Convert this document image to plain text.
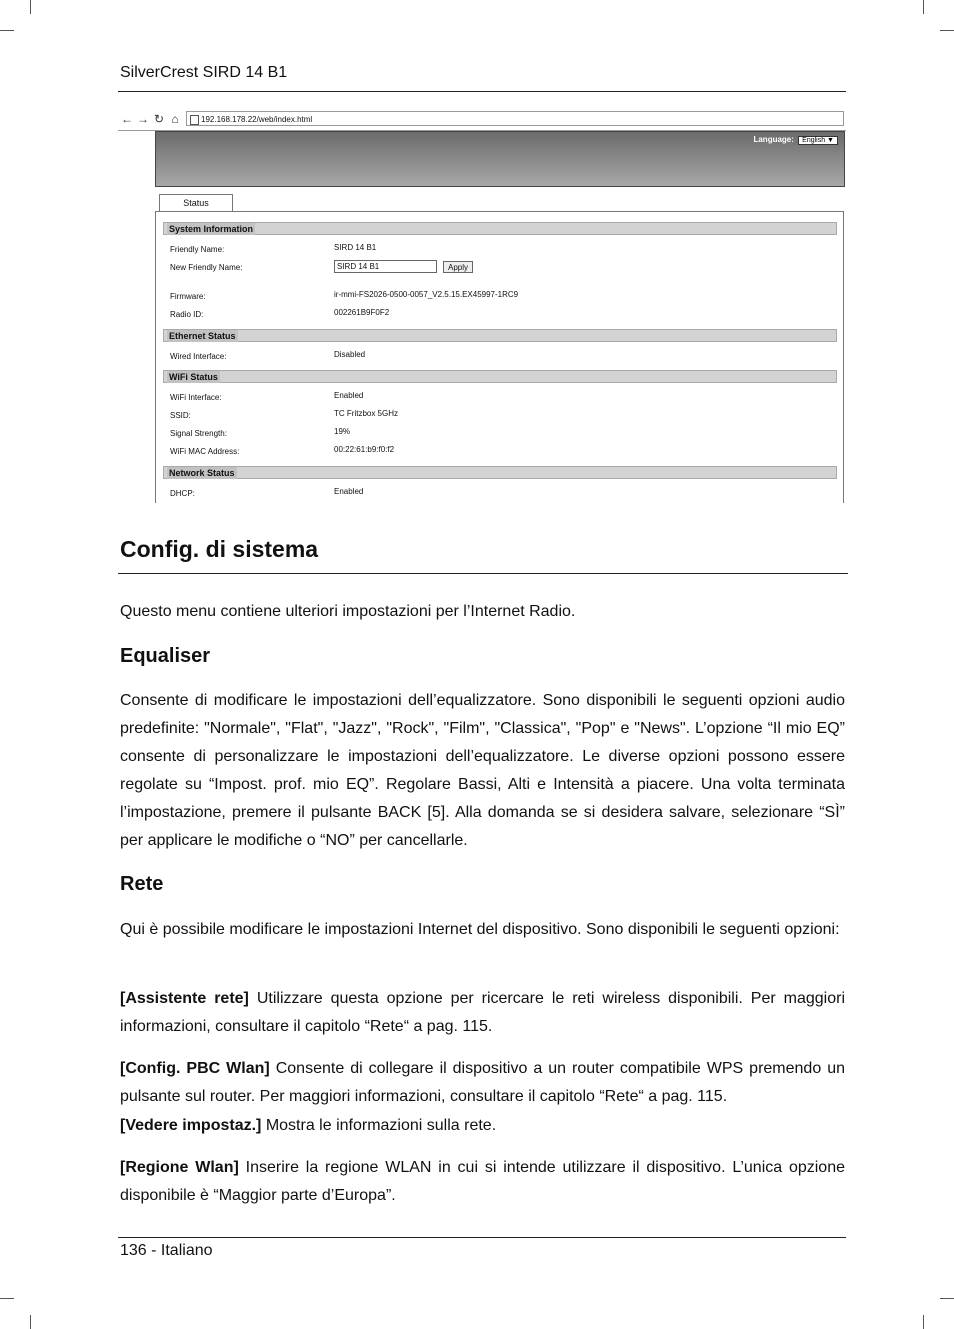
SilverCrest SIRD 14 B1
← → ↻ ⌂	192.168.178.22/web/index.html
Language: English ▼
Status
System Information
Friendly Name:	SIRD 14 B1
New Friendly Name:	SIRD 14 B1	Apply
Firmware:	ir-mmi-FS2026-0500-0057_V2.5.15.EX45997-1RC9
Radio ID:	002261B9F0F2
Ethernet Status
Wired Interface:	Disabled
WiFi Status
WiFi Interface:	Enabled
SSID:	TC Fritzbox 5GHz
Signal Strength:	19%
WiFi MAC Address:	00:22:61:b9:f0:f2
Network Status
DHCP:	Enabled
Config. di sistema

Questo menu contiene ulteriori impostazioni per l’Internet Radio.

Equaliser

Consente di modificare le impostazioni dell’equalizzatore. Sono disponibili le seguenti opzioni audio predefinite: "Normale", "Flat", "Jazz", "Rock", "Film", "Classica", "Pop" e "News". L’opzione “Il mio EQ” consente di personalizzare le impostazioni dell’equalizzatore. Le diverse opzioni possono essere regolate su “Impost. prof. mio EQ”. Regolare Bassi, Alti e Intensità a piacere. Una volta terminata l’impostazione, premere il pulsante BACK [5]. Alla domanda se si desidera salvare, selezionare “SÌ” per applicare le modifiche o “NO” per cancellarle.

Rete

Qui è possibile modificare le impostazioni Internet del dispositivo. Sono disponibili le seguenti opzioni:

[Assistente rete] Utilizzare questa opzione per ricercare le reti wireless disponibili. Per maggiori informazioni, consultare il capitolo “Rete“ a pag. 115.

[Config. PBC Wlan] Consente di collegare il dispositivo a un router compatibile WPS premendo un pulsante sul router. Per maggiori informazioni, consultare il capitolo “Rete“ a pag. 115.

[Vedere impostaz.] Mostra le informazioni sulla rete.

[Regione Wlan] Inserire la regione WLAN in cui si intende utilizzare il dispositivo. L’unica opzione disponibile è “Maggior parte d’Europa”.

136 - Italiano
